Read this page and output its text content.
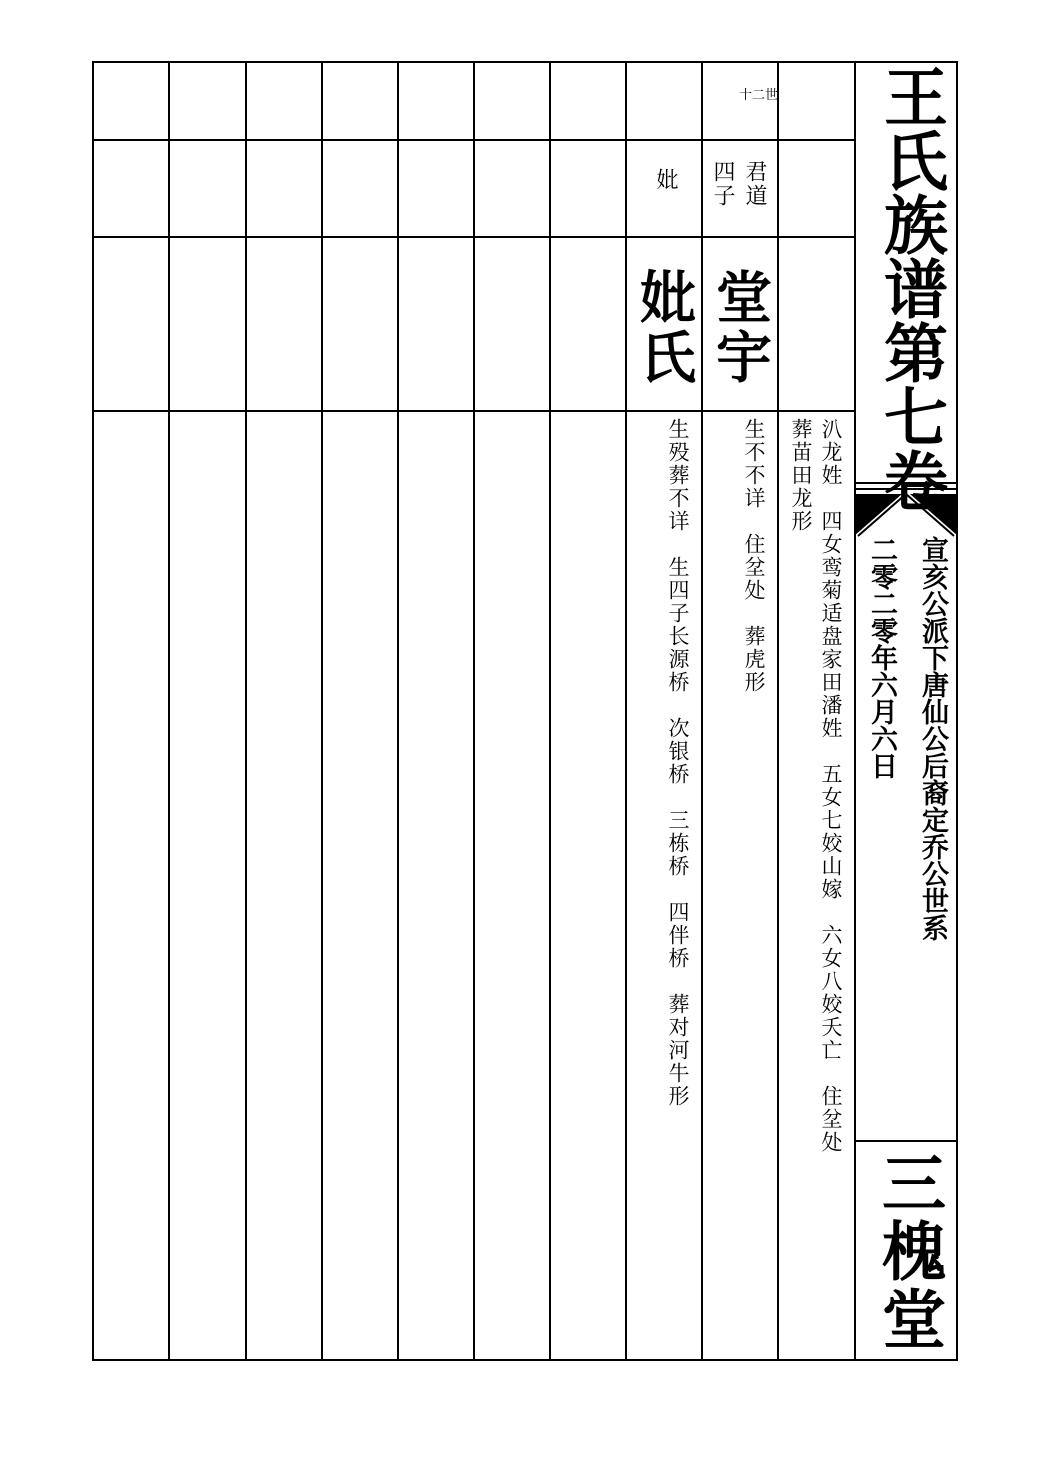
王氏族谱第七卷
宣亥公派下唐仙公后裔定乔公世系
二零二零年六月六日
三槐堂
汃龙姓　四女鸾菊适盘家田潘姓　五女七姣山嫁　六女八姣夭亡　住坌处
葬苗田龙形
世二十
君道
四子
堂宇
生不不详　住坌处　葬虎形
妣
妣氏
生殁葬不详　生四子长源桥　次银桥　三栋桥　四伴桥　葬对河牛形
